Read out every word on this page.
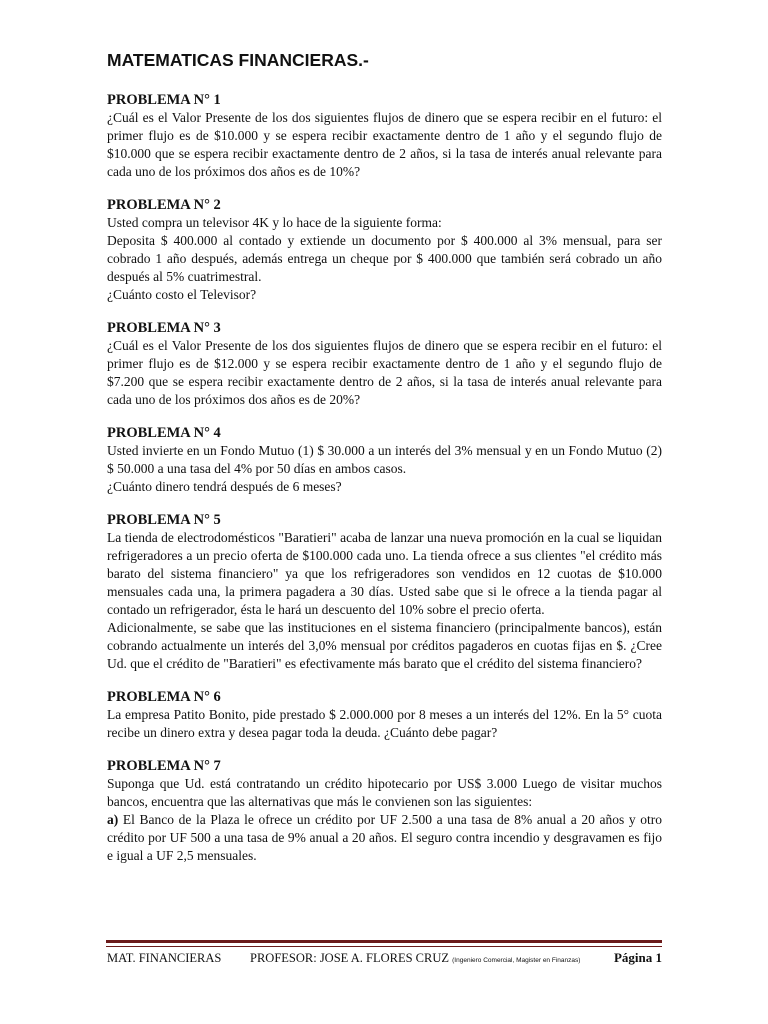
MATEMATICAS FINANCIERAS.-
PROBLEMA N° 1

¿Cuál es el Valor Presente de los dos siguientes flujos de dinero que se espera recibir en el futuro: el primer flujo es de $10.000 y se espera recibir exactamente dentro de 1 año y el segundo flujo de $10.000 que se espera recibir exactamente dentro de 2 años, si la tasa de interés anual relevante para cada uno de los próximos dos años es de 10%?

PROBLEMA N° 2

Usted compra un televisor 4K y lo hace de la siguiente forma:

Deposita $ 400.000 al contado y extiende un documento por $ 400.000 al 3% mensual, para ser cobrado 1 año después, además entrega un cheque por $ 400.000 que también será cobrado un año después al 5% cuatrimestral.

¿Cuánto costo el Televisor?

PROBLEMA N° 3

¿Cuál es el Valor Presente de los dos siguientes flujos de dinero que se espera recibir en el futuro: el primer flujo es de $12.000 y se espera recibir exactamente dentro de 1 año y el segundo flujo de $7.200 que se espera recibir exactamente dentro de 2 años, si la tasa de interés anual relevante para cada uno de los próximos dos años es de 20%?

PROBLEMA N° 4

Usted invierte en un Fondo Mutuo (1) $ 30.000 a un interés del 3% mensual y en un Fondo Mutuo (2) $ 50.000 a una tasa del 4% por 50 días en ambos casos.

¿Cuánto dinero tendrá después de 6 meses?

PROBLEMA N° 5

La tienda de electrodomésticos "Baratieri" acaba de lanzar una nueva promoción en la cual se liquidan refrigeradores a un precio oferta de $100.000 cada uno. La tienda ofrece a sus clientes "el crédito más barato del sistema financiero" ya que los refrigeradores son vendidos en 12 cuotas de $10.000 mensuales cada una, la primera pagadera a 30 días. Usted sabe que si le ofrece a la tienda pagar al contado un refrigerador, ésta le hará un descuento del 10% sobre el precio oferta.

Adicionalmente, se sabe que las instituciones en el sistema financiero (principalmente bancos), están cobrando actualmente un interés del 3,0% mensual por créditos pagaderos en cuotas fijas en $. ¿Cree Ud. que el crédito de "Baratieri" es efectivamente más barato que el crédito del sistema financiero?

PROBLEMA N° 6

La empresa Patito Bonito, pide prestado $ 2.000.000 por 8 meses a un interés del 12%. En la 5° cuota recibe un dinero extra y desea pagar toda la deuda. ¿Cuánto debe pagar?

PROBLEMA N° 7

Suponga que Ud. está contratando un crédito hipotecario por US$ 3.000 Luego de visitar muchos bancos, encuentra que las alternativas que más le convienen son las siguientes:

a) El Banco de la Plaza le ofrece un crédito por UF 2.500 a una tasa de 8% anual a 20 años y otro crédito por UF 500 a una tasa de 9% anual a 20 años. El seguro contra incendio y desgravamen es fijo e igual a UF 2,5 mensuales.

MAT. FINANCIERAS PROFESOR: JOSE A. FLORES CRUZ (Ingeniero Comercial, Magister en Finanzas)	Página 1
